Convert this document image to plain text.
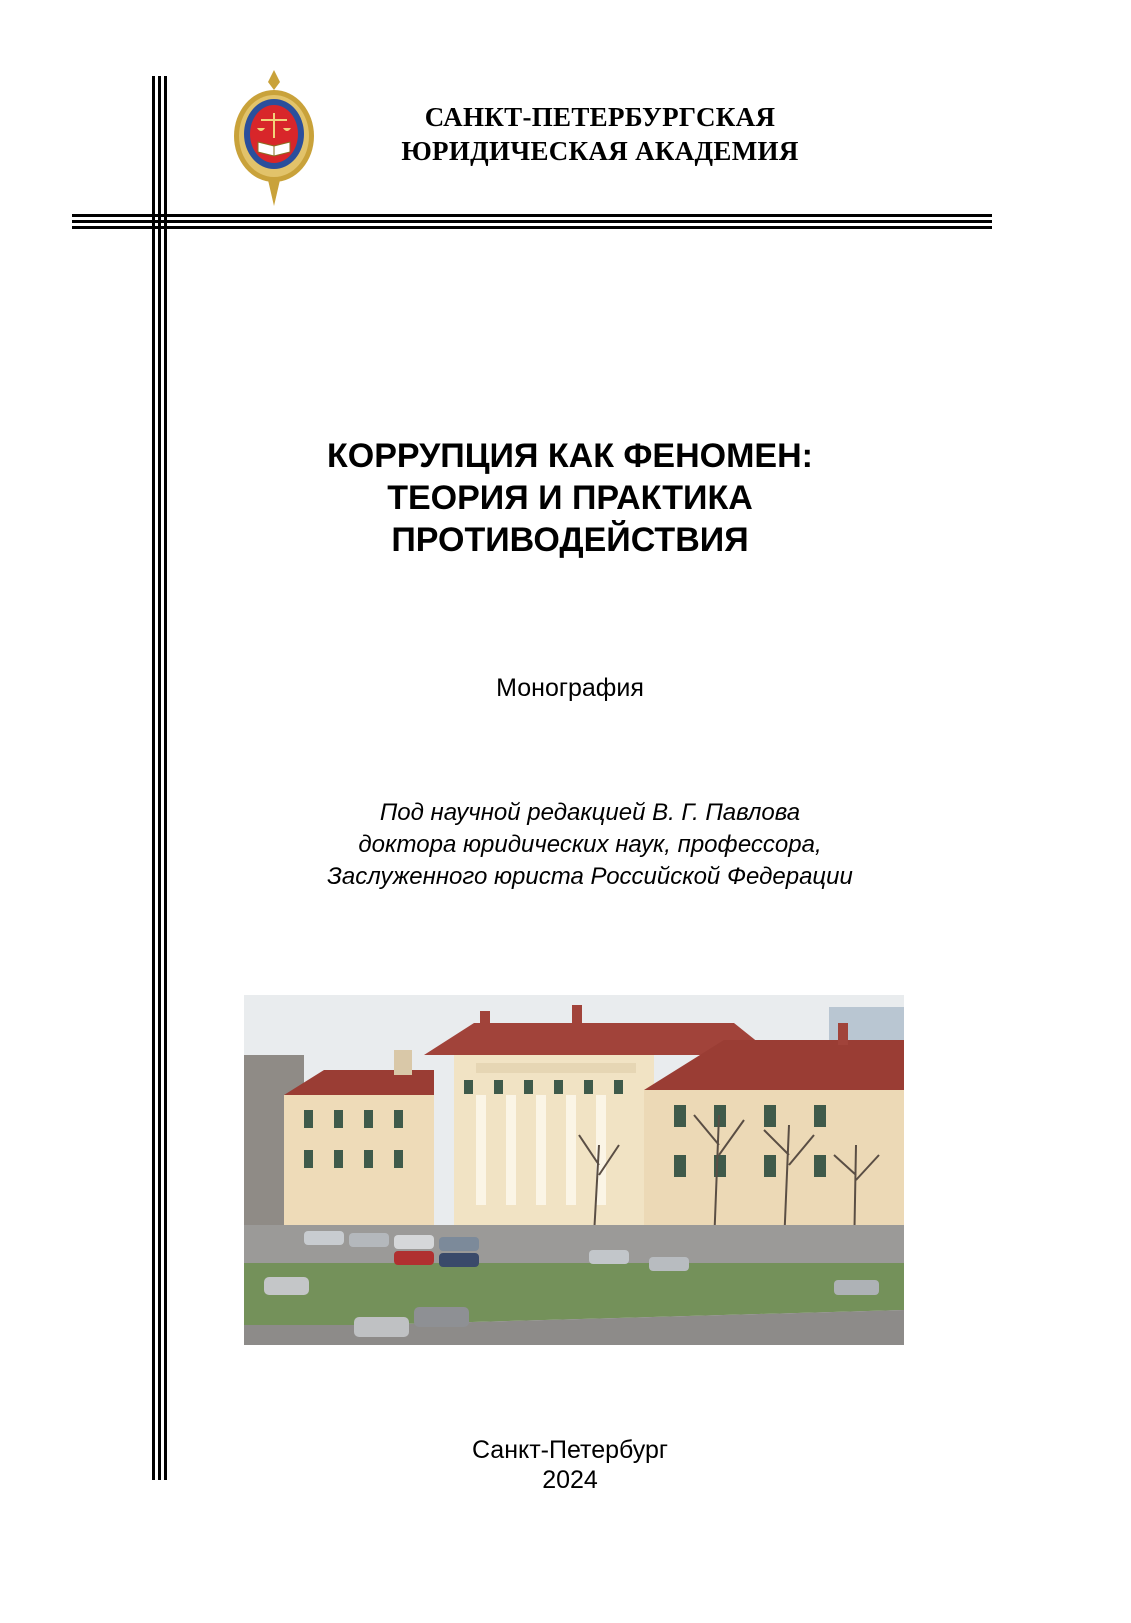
САНКТ-ПЕТЕРБУРГСКАЯ
ЮРИДИЧЕСКАЯ АКАДЕМИЯ
КОРРУПЦИЯ КАК ФЕНОМЕН:
ТЕОРИЯ И ПРАКТИКА
ПРОТИВОДЕЙСТВИЯ
Монография
Под научной редакцией В. Г. Павлова
доктора юридических наук, профессора,
Заслуженного юриста Российской Федерации
Санкт-Петербург
2024
